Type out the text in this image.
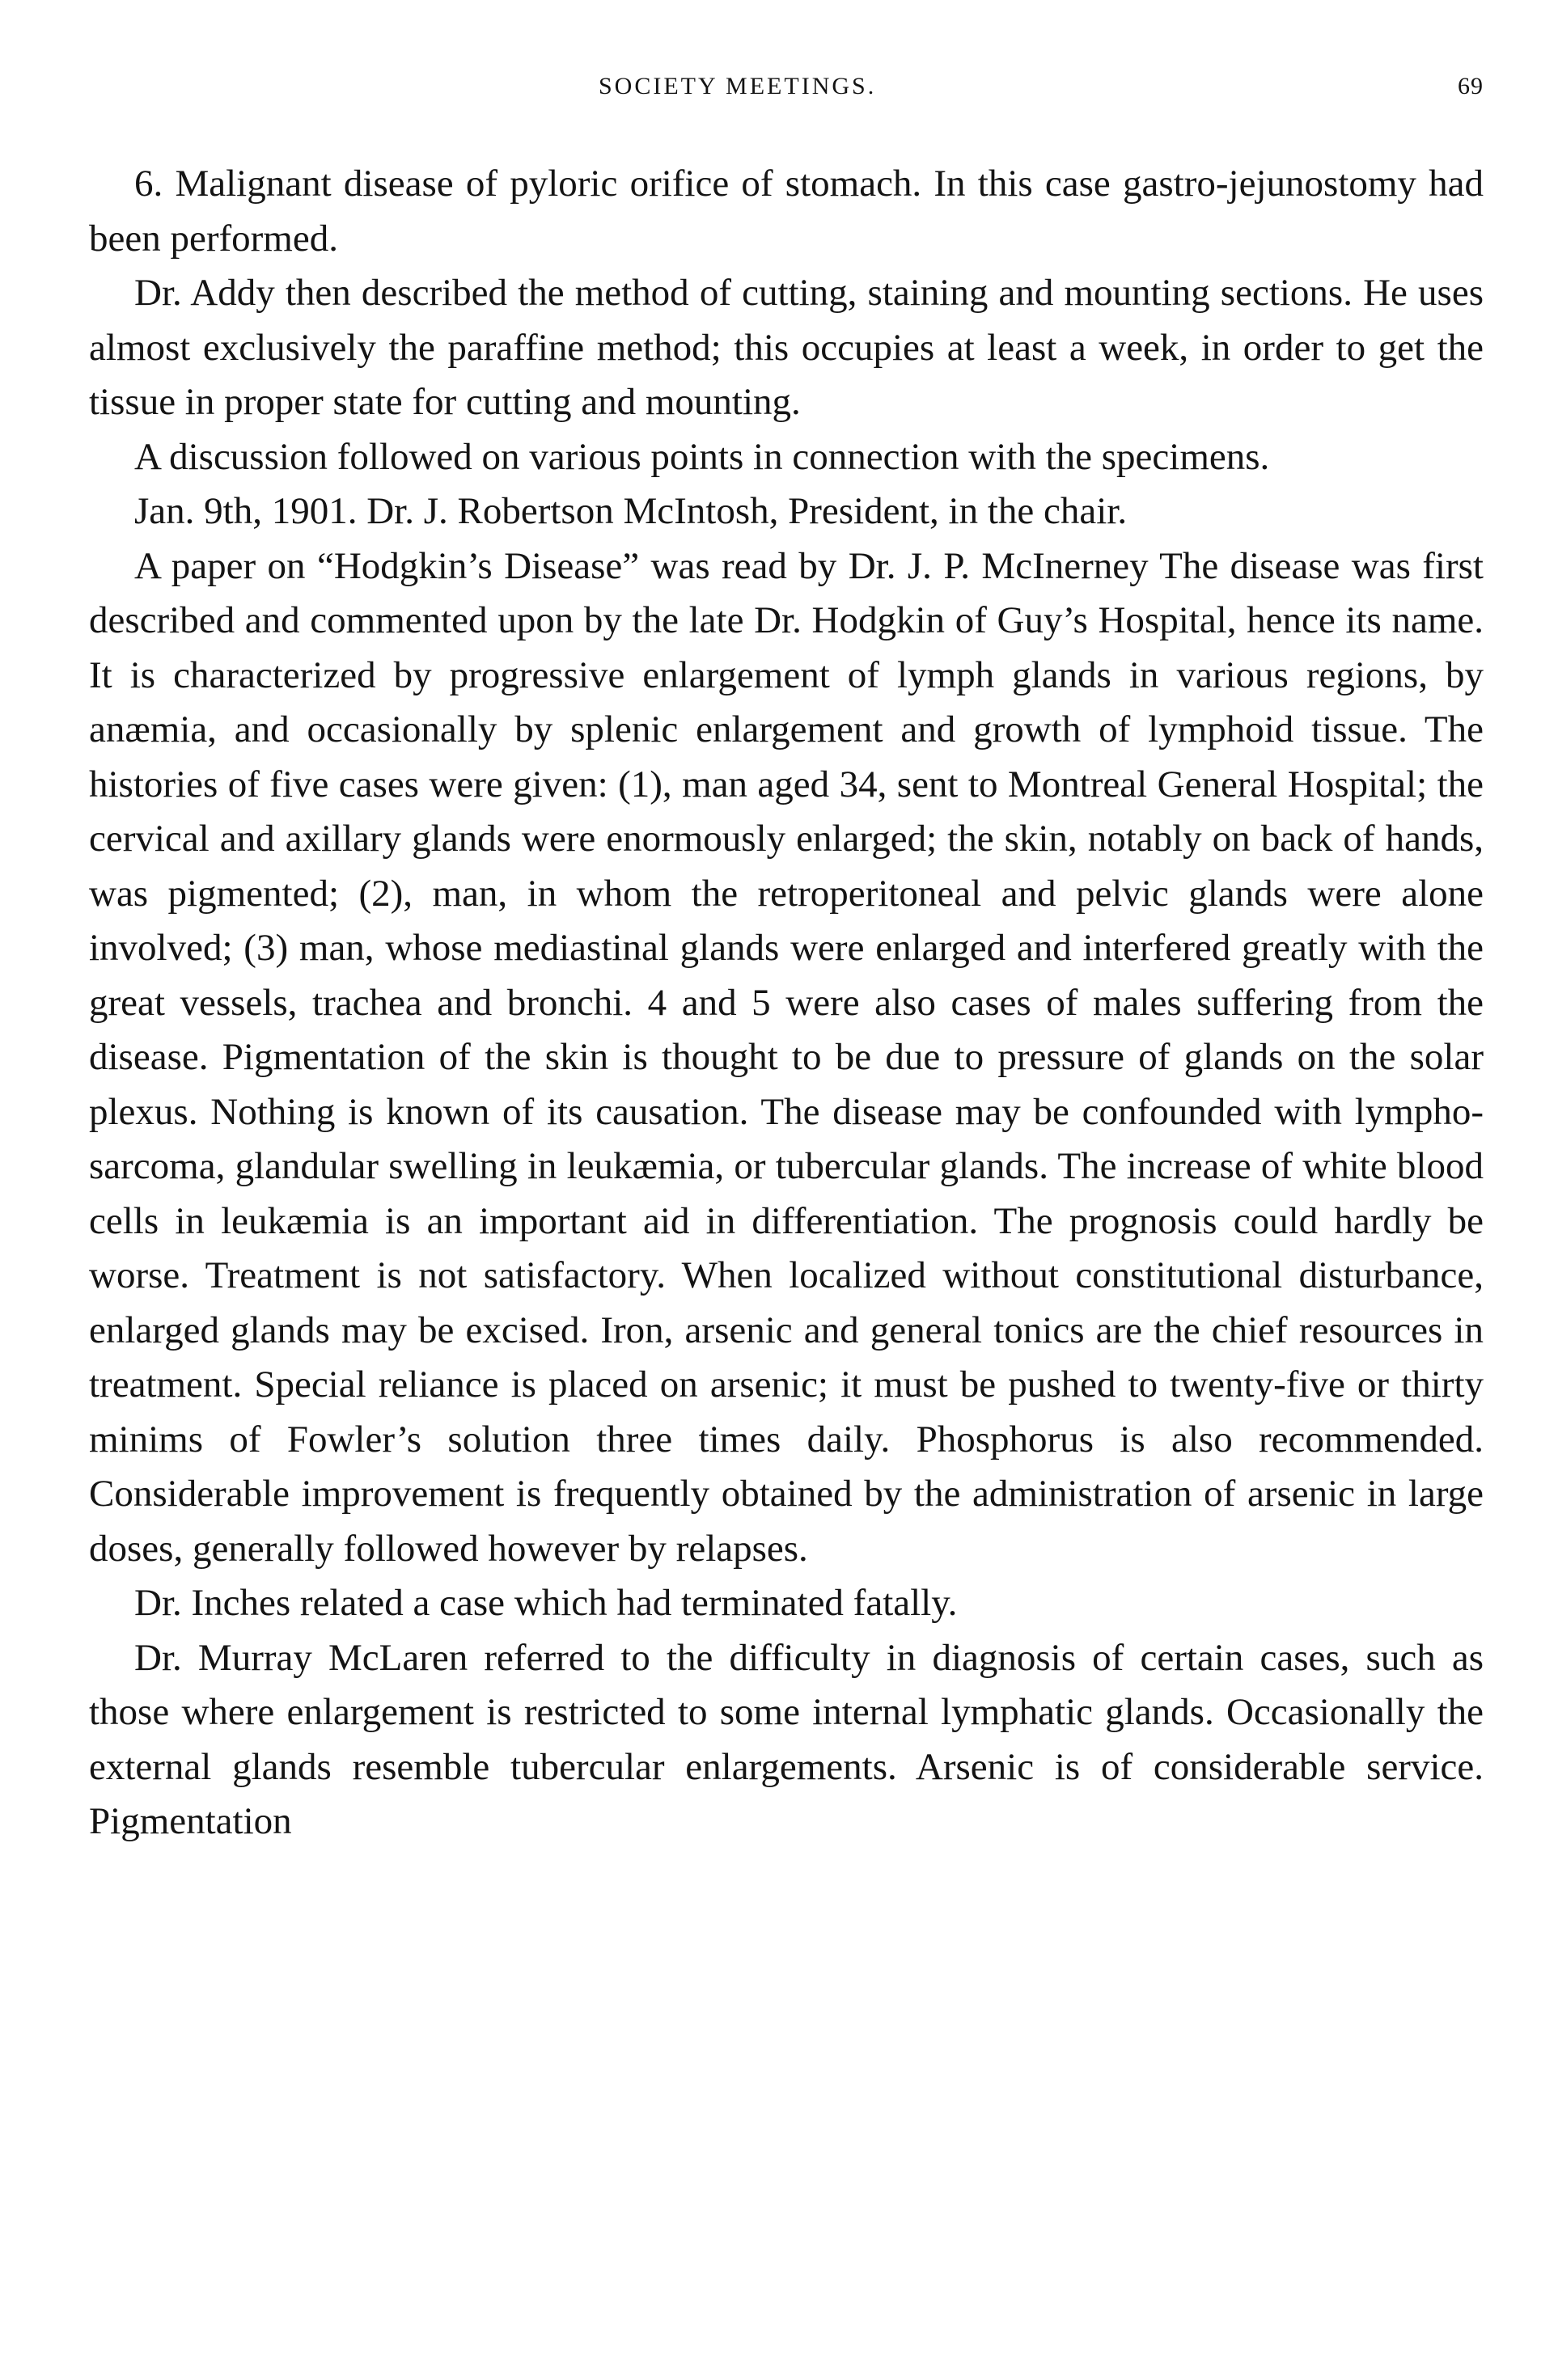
SOCIETY MEETINGS.	69

6. Malignant disease of pyloric orifice of stomach. In this case gastro-jejunostomy had been performed.

Dr. Addy then described the method of cutting, staining and mounting sections. He uses almost exclusively the paraffine method; this occupies at least a week, in order to get the tissue in proper state for cutting and mounting.

A discussion followed on various points in connection with the specimens.

Jan. 9th, 1901. Dr. J. Robertson McIntosh, President, in the chair.

A paper on “Hodgkin’s Disease” was read by Dr. J. P. McInerney The disease was first described and commented upon by the late Dr. Hodgkin of Guy’s Hospital, hence its name. It is characterized by progressive enlargement of lymph glands in various regions, by anæmia, and occasionally by splenic enlargement and growth of lymphoid tissue. The histories of five cases were given: (1), man aged 34, sent to Montreal General Hospital; the cervical and axillary glands were enormously enlarged; the skin, notably on back of hands, was pigmented; (2), man, in whom the retroperitoneal and pelvic glands were alone involved; (3) man, whose mediastinal glands were enlarged and interfered greatly with the great vessels, trachea and bronchi. 4 and 5 were also cases of males suffering from the disease. Pigmentation of the skin is thought to be due to pressure of glands on the solar plexus. Nothing is known of its causation. The disease may be confounded with lympho-sarcoma, glandular swelling in leukæmia, or tubercular glands. The increase of white blood cells in leukæmia is an important aid in differentiation. The prognosis could hardly be worse. Treatment is not satisfactory. When localized without constitutional disturbance, enlarged glands may be excised. Iron, arsenic and general tonics are the chief resources in treatment. Special reliance is placed on arsenic; it must be pushed to twenty-five or thirty minims of Fowler’s solution three times daily. Phosphorus is also recommended. Considerable improvement is frequently obtained by the administration of arsenic in large doses, generally followed however by relapses.

Dr. Inches related a case which had terminated fatally.

Dr. Murray McLaren referred to the difficulty in diagnosis of certain cases, such as those where enlargement is restricted to some internal lymphatic glands. Occasionally the external glands resemble tubercular enlargements. Arsenic is of considerable service. Pigmentation
